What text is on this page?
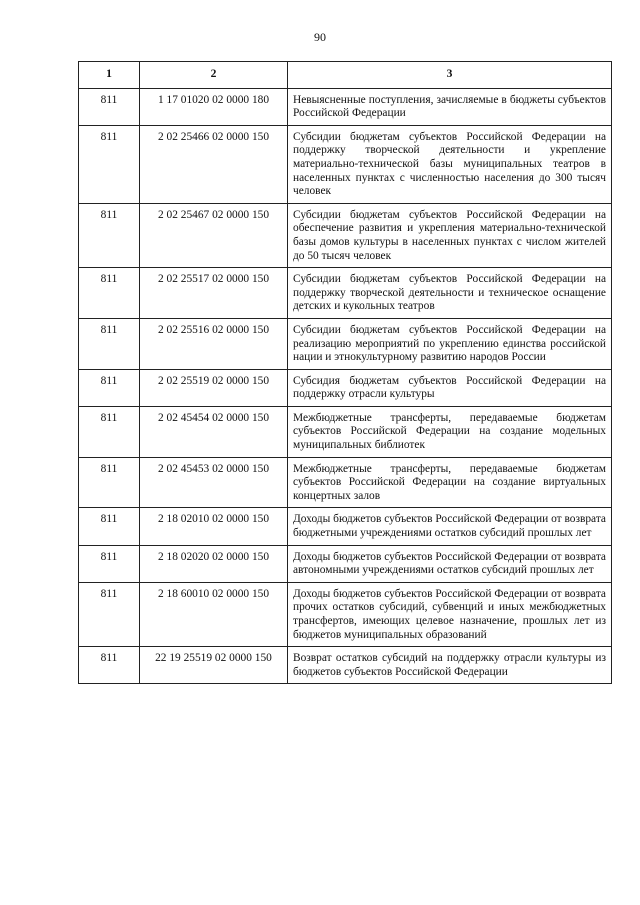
90
1	2	3
811	1 17 01020 02 0000 180	Невыясненные поступления, зачисляемые в бюджеты субъектов Российской Федерации
811	2 02 25466 02 0000 150	Субсидии бюджетам субъектов Российской Федерации на поддержку творческой деятельности и укрепление материально-технической базы муниципальных театров в населенных пунктах с численностью населения до 300 тысяч человек
811	2 02 25467 02 0000 150	Субсидии бюджетам субъектов Российской Федерации на обеспечение развития и укрепления материально-технической базы домов культуры в населенных пунктах с числом жителей до 50 тысяч человек
811	2 02 25517 02 0000 150	Субсидии бюджетам субъектов Российской Федерации на поддержку творческой деятельности и техническое оснащение детских и кукольных театров
811	2 02 25516 02 0000 150	Субсидии бюджетам субъектов Российской Федерации на реализацию мероприятий по укреплению единства российской нации и этнокультурному развитию народов России
811	2 02 25519 02 0000 150	Субсидия бюджетам субъектов Российской Федерации на поддержку отрасли культуры
811	2 02 45454 02 0000 150	Межбюджетные трансферты, передаваемые бюджетам субъектов Российской Федерации на создание модельных муниципальных библиотек
811	2 02 45453 02 0000 150	Межбюджетные трансферты, передаваемые бюджетам субъектов Российской Федерации на создание виртуальных концертных залов
811	2 18 02010 02 0000 150	Доходы бюджетов субъектов Российской Федерации от возврата бюджетными учреждениями остатков субсидий прошлых лет
811	2 18 02020 02 0000 150	Доходы бюджетов субъектов Российской Федерации от возврата автономными учреждениями остатков субсидий прошлых лет
811	2 18 60010 02 0000 150	Доходы бюджетов субъектов Российской Федерации от возврата прочих остатков субсидий, субвенций и иных межбюджетных трансфертов, имеющих целевое назначение, прошлых лет из бюджетов муниципальных образований
811	22 19 25519 02 0000 150	Возврат остатков субсидий на поддержку отрасли культуры из бюджетов субъектов Российской Федерации
